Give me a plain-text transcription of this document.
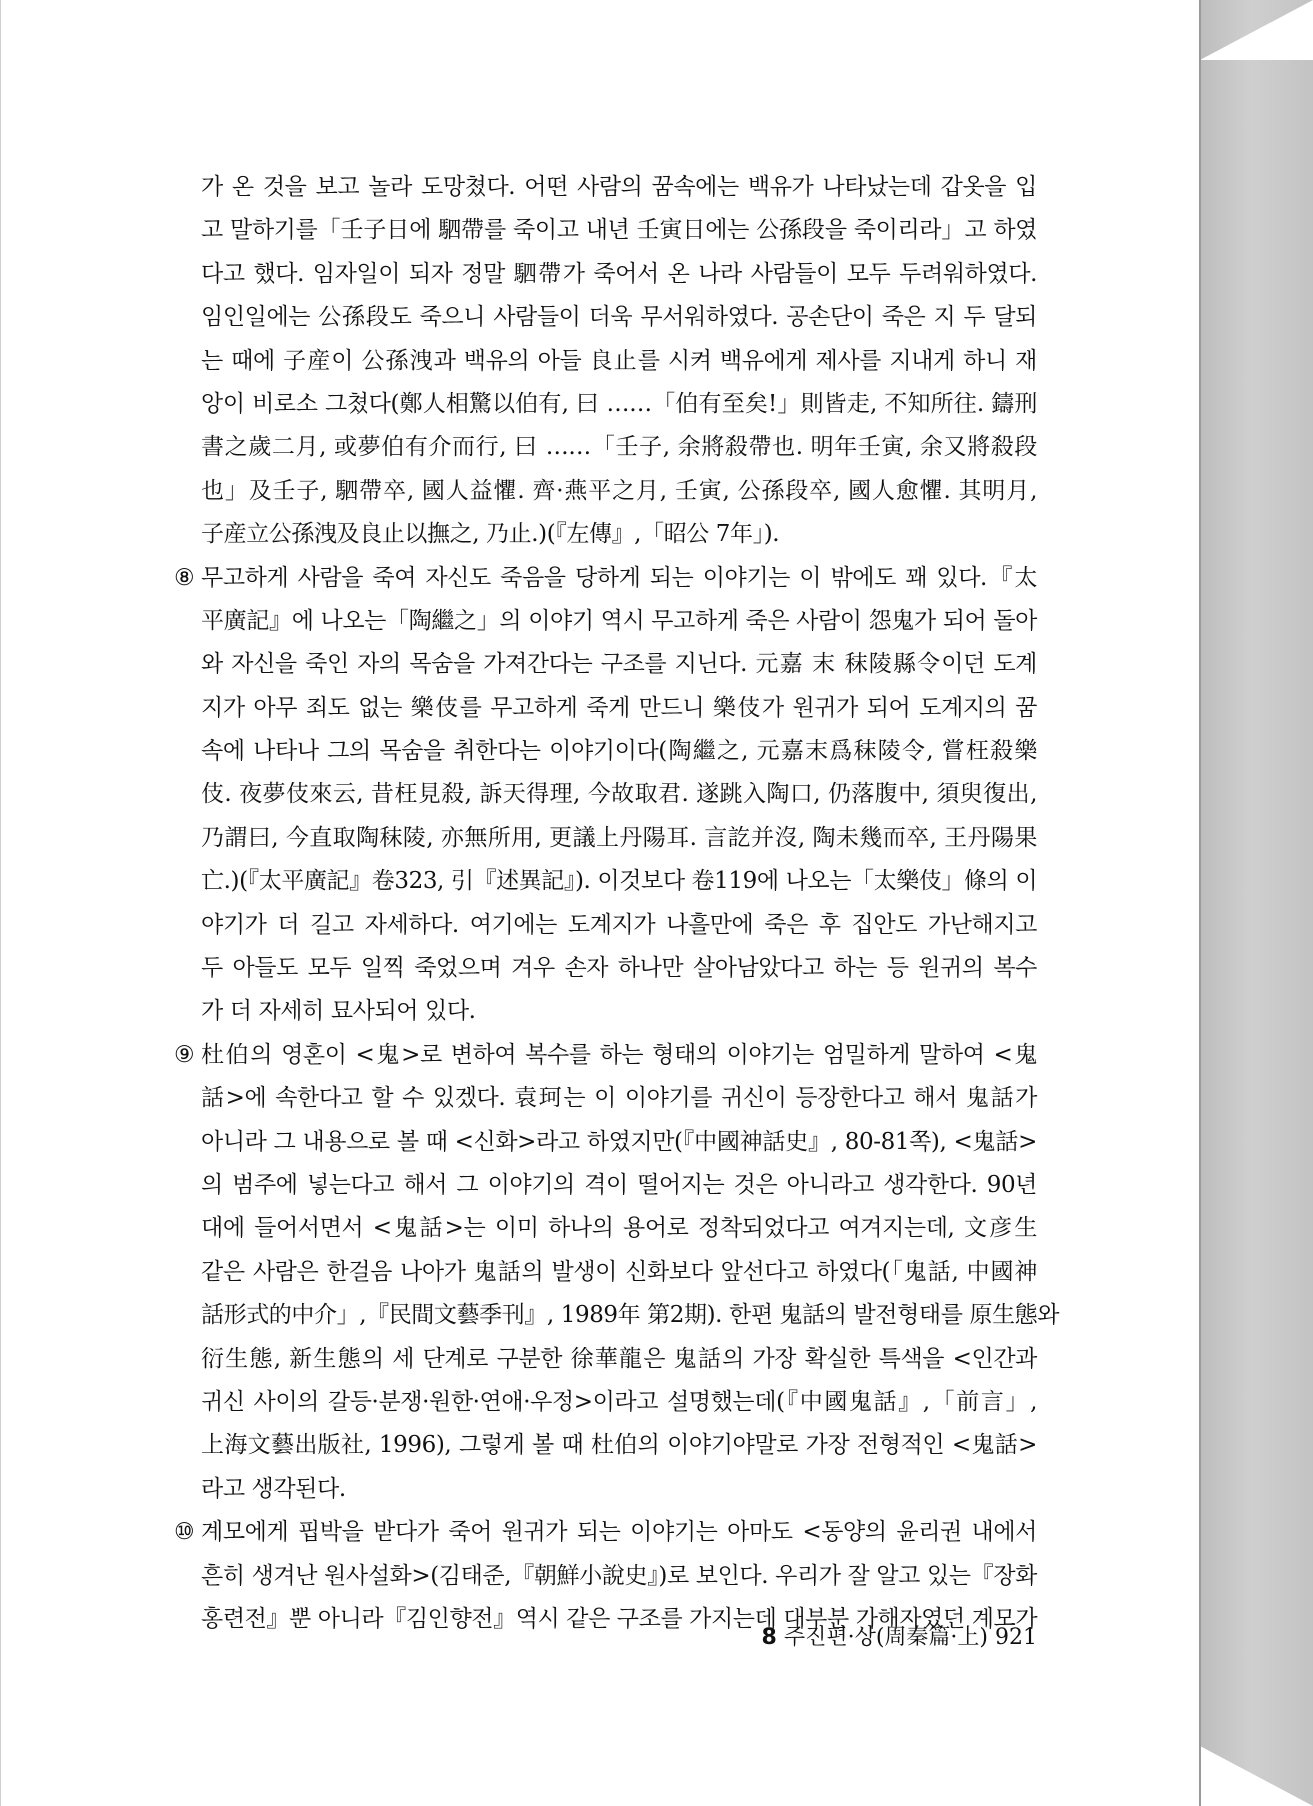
가 온 것을 보고 놀라 도망쳤다. 어떤 사람의 꿈속에는 백유가 나타났는데 갑옷을 입
고 말하기를「壬子日에 駟帶를 죽이고 내년 壬寅日에는 公孫段을 죽이리라」고 하였
다고 했다. 임자일이 되자 정말 駟帶가 죽어서 온 나라 사람들이 모두 두려워하였다.
임인일에는 公孫段도 죽으니 사람들이 더욱 무서워하였다. 공손단이 죽은 지 두 달되
는 때에 子産이 公孫洩과 백유의 아들 良止를 시켜 백유에게 제사를 지내게 하니 재
앙이 비로소 그쳤다(鄭人相驚以伯有, 曰 ……「伯有至矣!」則皆走, 不知所往. 鑄刑
書之歲二月, 或夢伯有介而行, 曰 ……「壬子, 余將殺帶也. 明年壬寅, 余又將殺段
也」及壬子, 駟帶卒, 國人益懼. 齊·燕平之月, 壬寅, 公孫段卒, 國人愈懼. 其明月,
子産立公孫洩及良止以撫之, 乃止.)(『左傳』,「昭公 7年」).
⑧ 무고하게 사람을 죽여 자신도 죽음을 당하게 되는 이야기는 이 밖에도 꽤 있다.『太
平廣記』에 나오는「陶繼之」의 이야기 역시 무고하게 죽은 사람이 怨鬼가 되어 돌아
와 자신을 죽인 자의 목숨을 가져간다는 구조를 지닌다. 元嘉 末 秣陵縣令이던 도계
지가 아무 죄도 없는 樂伎를 무고하게 죽게 만드니 樂伎가 원귀가 되어 도계지의 꿈
속에 나타나 그의 목숨을 취한다는 이야기이다(陶繼之, 元嘉末爲秣陵令, 嘗枉殺樂
伎. 夜夢伎來云, 昔枉見殺, 訴天得理, 今故取君. 遂跳入陶口, 仍落腹中, 須臾復出,
乃謂曰, 今直取陶秣陵, 亦無所用, 更議上丹陽耳. 言訖并沒, 陶未幾而卒, 王丹陽果
亡.)(『太平廣記』卷323, 引『述異記』). 이것보다 卷119에 나오는「太樂伎」條의 이
야기가 더 길고 자세하다. 여기에는 도계지가 나흘만에 죽은 후 집안도 가난해지고
두 아들도 모두 일찍 죽었으며 겨우 손자 하나만 살아남았다고 하는 등 원귀의 복수
가 더 자세히 묘사되어 있다.
⑨ 杜伯의 영혼이 <鬼>로 변하여 복수를 하는 형태의 이야기는 엄밀하게 말하여 <鬼
話>에 속한다고 할 수 있겠다. 袁珂는 이 이야기를 귀신이 등장한다고 해서 鬼話가
아니라 그 내용으로 볼 때 <신화>라고 하였지만(『中國神話史』, 80-81쪽), <鬼話>
의 범주에 넣는다고 해서 그 이야기의 격이 떨어지는 것은 아니라고 생각한다. 90년
대에 들어서면서 <鬼話>는 이미 하나의 용어로 정착되었다고 여겨지는데, 文彦生
같은 사람은 한걸음 나아가 鬼話의 발생이 신화보다 앞선다고 하였다(「鬼話, 中國神
話形式的中介」,『民間文藝季刊』, 1989年 第2期). 한편 鬼話의 발전형태를 原生態와
衍生態, 新生態의 세 단계로 구분한 徐華龍은 鬼話의 가장 확실한 특색을 <인간과
귀신 사이의 갈등·분쟁·원한·연애·우정>이라고 설명했는데(『中國鬼話』,「前言」,
上海文藝出版社, 1996), 그렇게 볼 때 杜伯의 이야기야말로 가장 전형적인 <鬼話>
라고 생각된다.
⑩ 계모에게 핍박을 받다가 죽어 원귀가 되는 이야기는 아마도 <동양의 윤리권 내에서
흔히 생겨난 원사설화>(김태준,『朝鮮小說史』)로 보인다. 우리가 잘 알고 있는『장화
홍련전』뿐 아니라『김인향전』역시 같은 구조를 가지는데 대부분 가해자였던 계모가
8 주진편·상(周秦篇·上) 921
